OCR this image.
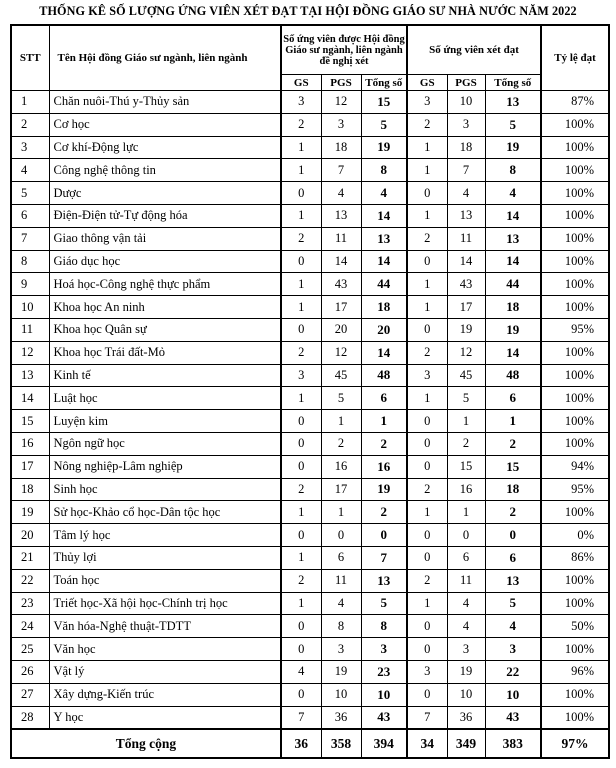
THỐNG KÊ SỐ LƯỢNG ỨNG VIÊN XÉT ĐẠT TẠI HỘI ĐỒNG GIÁO SƯ NHÀ NƯỚC NĂM 2022
STT	Tên Hội đồng Giáo sư ngành, liên ngành	Số ứng viên được Hội đồng Giáo sư ngành, liên ngành đề nghị xét			Số ứng viên xét đạt			Tỷ lệ đạt
		GS	PGS	Tổng số	GS	PGS	Tổng số	
1	Chăn nuôi-Thú y-Thủy sản	3	12	15	3	10	13	87%
2	Cơ học	2	3	5	2	3	5	100%
3	Cơ khí-Động lực	1	18	19	1	18	19	100%
4	Công nghệ thông tin	1	7	8	1	7	8	100%
5	Dược	0	4	4	0	4	4	100%
6	Điện-Điện tử-Tự động hóa	1	13	14	1	13	14	100%
7	Giao thông vận tải	2	11	13	2	11	13	100%
8	Giáo dục học	0	14	14	0	14	14	100%
9	Hoá học-Công nghệ thực phẩm	1	43	44	1	43	44	100%
10	Khoa học An ninh	1	17	18	1	17	18	100%
11	Khoa học Quân sự	0	20	20	0	19	19	95%
12	Khoa học Trái đất-Mỏ	2	12	14	2	12	14	100%
13	Kinh tế	3	45	48	3	45	48	100%
14	Luật học	1	5	6	1	5	6	100%
15	Luyện kim	0	1	1	0	1	1	100%
16	Ngôn ngữ học	0	2	2	0	2	2	100%
17	Nông nghiệp-Lâm nghiệp	0	16	16	0	15	15	94%
18	Sinh học	2	17	19	2	16	18	95%
19	Sử học-Khảo cổ học-Dân tộc học	1	1	2	1	1	2	100%
20	Tâm lý học	0	0	0	0	0	0	0%
21	Thủy lợi	1	6	7	0	6	6	86%
22	Toán học	2	11	13	2	11	13	100%
23	Triết học-Xã hội học-Chính trị học	1	4	5	1	4	5	100%
24	Văn hóa-Nghệ thuật-TDTT	0	8	8	0	4	4	50%
25	Văn học	0	3	3	0	3	3	100%
26	Vật lý	4	19	23	3	19	22	96%
27	Xây dựng-Kiến trúc	0	10	10	0	10	10	100%
28	Y học	7	36	43	7	36	43	100%
Tổng cộng		36	358	394	34	349	383	97%
